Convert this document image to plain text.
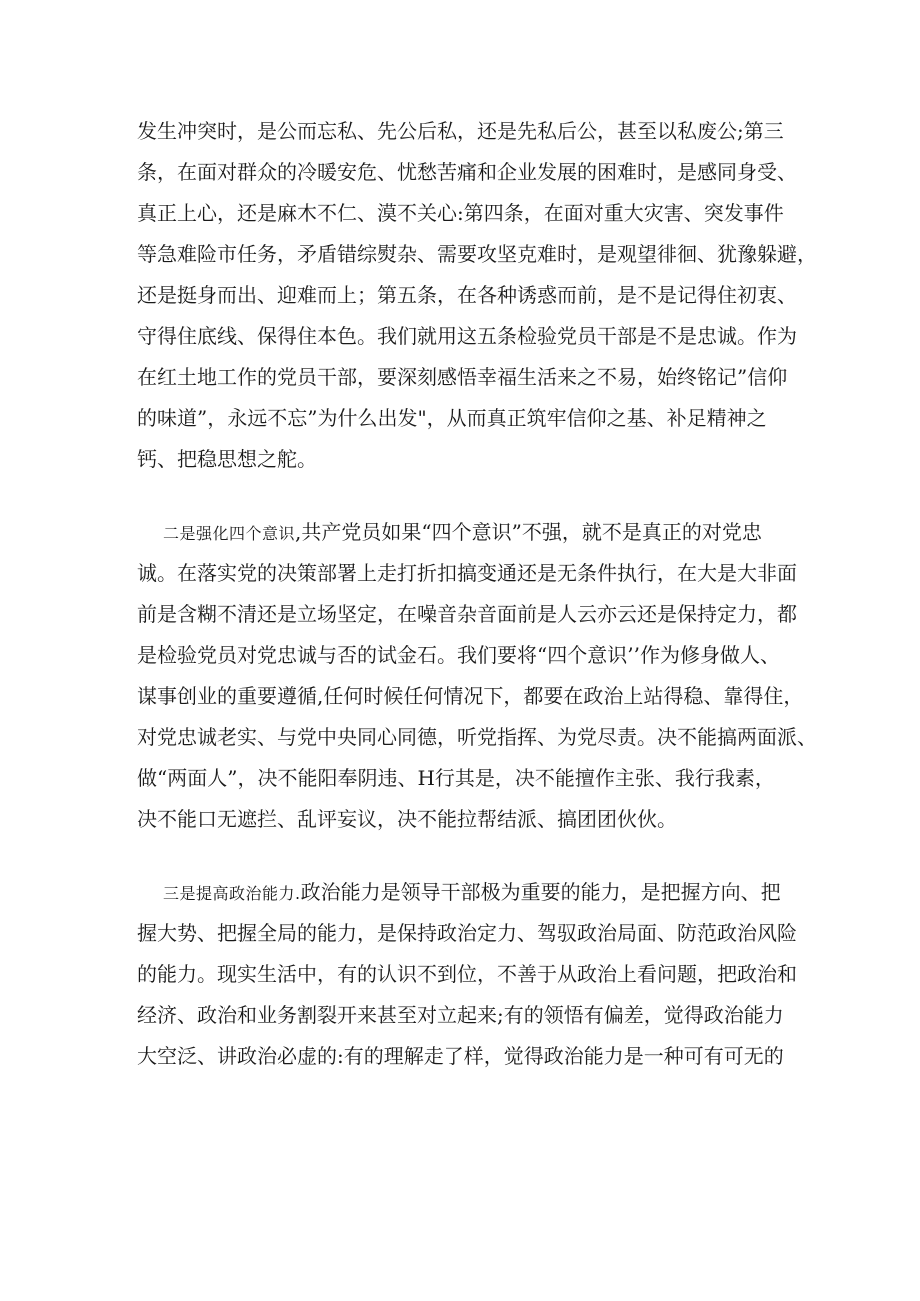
发生冲突时，是公而忘私、先公后私，还是先私后公，甚至以私废公;第三
条，在面对群众的冷暖安危、忧愁苦痛和企业发展的困难时，是感同身受、
真正上心，还是麻木不仁、漠不关心:第四条，在面对重大灾害、突发事件
等急难险市任务，矛盾错综熨杂、需要攻坚克难时，是观望徘徊、犹豫躲避，
还是挺身而出、迎难而上；第五条，在各种诱惑而前，是不是记得住初衷、
守得住底线、保得住本色。我们就用这五条检验党员干部是不是忠诚。作为
在红土地工作的党员干部，要深刻感悟幸福生活来之不易，始终铭记”信仰
的味道”，永远不忘”为什么出发"，从而真正筑牢信仰之基、补足精神之
钙、把稳思想之舵。
二是强化四个意识,共产党员如果“四个意识”不强，就不是真正的对党忠
诚。在落实党的决策部署上走打折扣搞变通还是无条件执行，在大是大非面
前是含糊不清还是立场坚定，在噪音杂音面前是人云亦云还是保持定力，都
是检验党员对党忠诚与否的试金石。我们要将“四个意识’’作为修身做人、
谋事创业的重要遵循,任何时候任何情况下，都要在政治上站得稳、靠得住，
对党忠诚老实、与党中央同心同德，听党指挥、为党尽责。决不能搞两面派、
做“两面人”，决不能阳奉阴违、H行其是，决不能擅作主张、我行我素，
决不能口无遮拦、乱评妄议，决不能拉帮结派、搞团团伙伙。
三是提高政治能力.政治能力是领导干部极为重要的能力，是把握方向、把
握大势、把握全局的能力，是保持政治定力、驾驭政治局面、防范政治风险
的能力。现实生活中，有的认识不到位，不善于从政治上看问题，把政治和
经济、政治和业务割裂开来甚至对立起来;有的领悟有偏差，觉得政治能力
大空泛、讲政治必虚的:有的理解走了样，觉得政治能力是一种可有可无的
